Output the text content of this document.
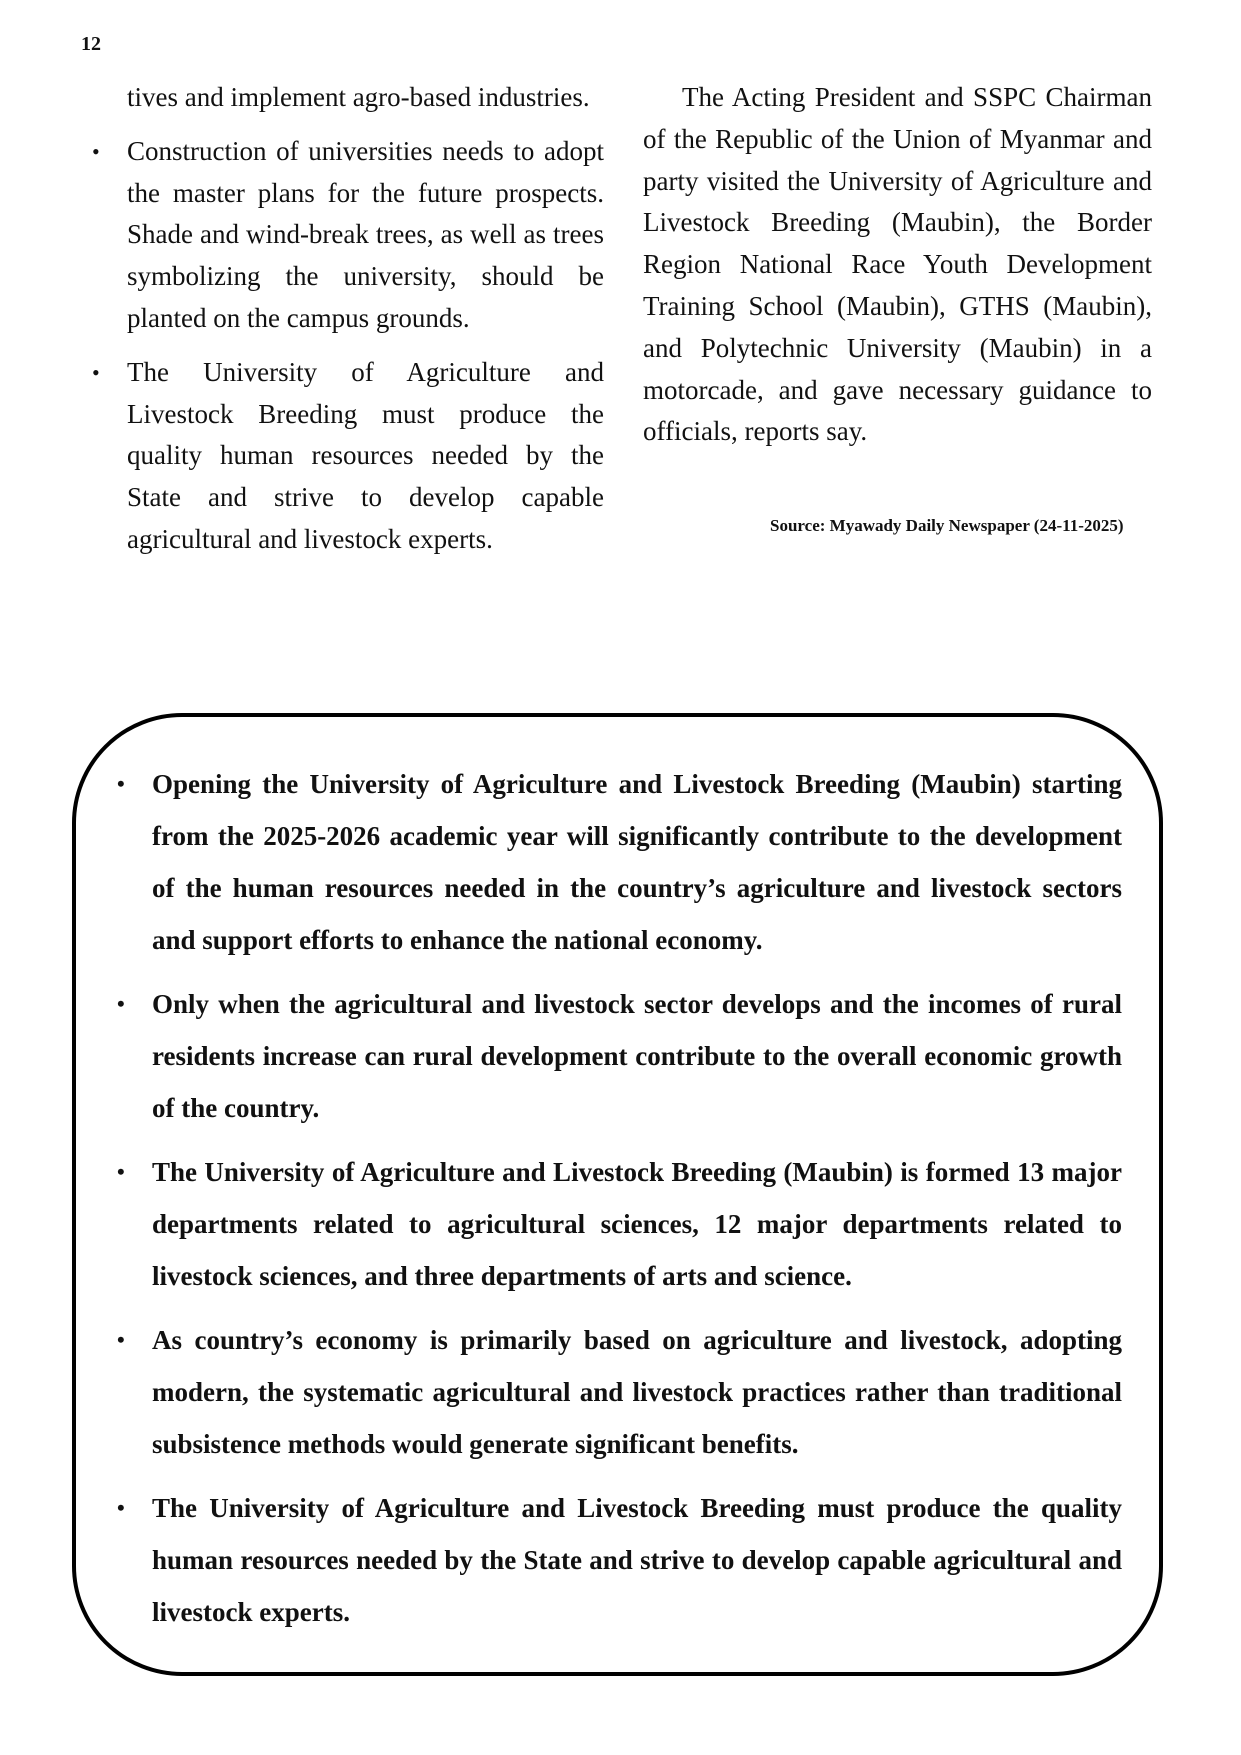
12

tives and implement agro-based industries.

• Construction of universities needs to adopt the master plans for the future prospects. Shade and wind-break trees, as well as trees symbolizing the university, should be planted on the campus grounds.
• The University of Agriculture and Livestock Breeding must produce the quality human resources needed by the State and strive to develop capable agricultural and livestock experts.

The Acting President and SSPC Chairman of the Republic of the Union of Myanmar and party visited the University of Agriculture and Livestock Breeding (Maubin), the Border Region National Race Youth Development Training School (Maubin), GTHS (Maubin), and Polytechnic University (Maubin) in a motorcade, and gave necessary guidance to officials, reports say.

Source: Myawady Daily Newspaper (24-11-2025)
• Opening the University of Agriculture and Livestock Breeding (Maubin) starting from the 2025-2026 academic year will significantly contribute to the development of the human resources needed in the country’s agriculture and livestock sectors and support efforts to enhance the national economy.
• Only when the agricultural and livestock sector develops and the incomes of rural residents increase can rural development contribute to the overall economic growth of the country.
• The University of Agriculture and Livestock Breeding (Maubin) is formed 13 major departments related to agricultural sciences, 12 major departments related to livestock sciences, and three departments of arts and science.
• As country’s economy is primarily based on agriculture and livestock, adopting modern, the systematic agricultural and livestock practices rather than traditional subsistence methods would generate significant benefits.
• The University of Agriculture and Livestock Breeding must produce the quality human resources needed by the State and strive to develop capable agricultural and livestock experts.
